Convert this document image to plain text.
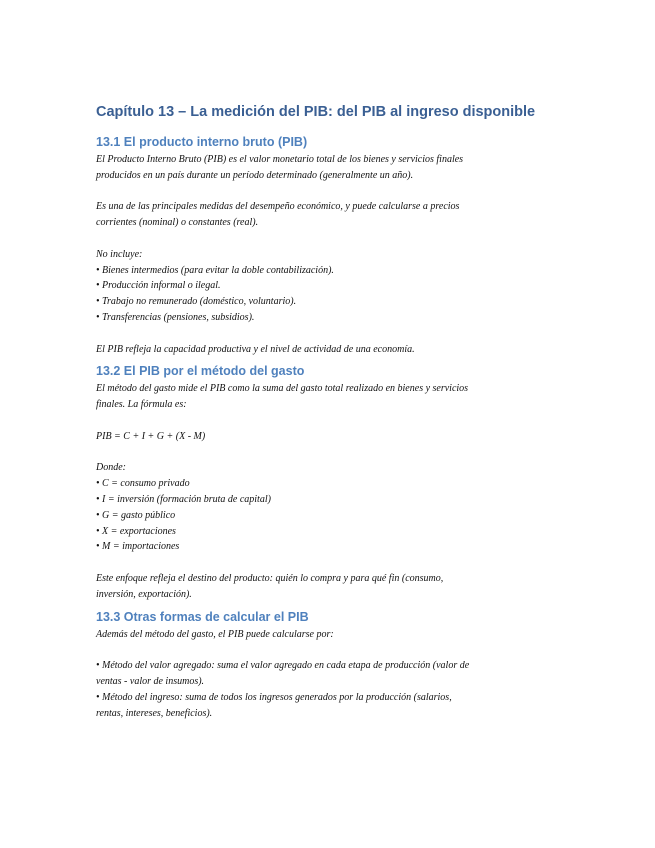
Capítulo 13 – La medición del PIB: del PIB al ingreso disponible
13.1 El producto interno bruto (PIB)

El Producto Interno Bruto (PIB) es el valor monetario total de los bienes y servicios finales

producidos en un país durante un período determinado (generalmente un año).

Es una de las principales medidas del desempeño económico, y puede calcularse a precios

corrientes (nominal) o constantes (real).

No incluye:

• Bienes intermedios (para evitar la doble contabilización).

• Producción informal o ilegal.

• Trabajo no remunerado (doméstico, voluntario).

• Transferencias (pensiones, subsidios).

El PIB refleja la capacidad productiva y el nivel de actividad de una economía.

13.2 El PIB por el método del gasto

El método del gasto mide el PIB como la suma del gasto total realizado en bienes y servicios

finales. La fórmula es:

PIB = C + I + G + (X - M)

Donde:

• C = consumo privado

• I = inversión (formación bruta de capital)

• G = gasto público

• X = exportaciones

• M = importaciones

Este enfoque refleja el destino del producto: quién lo compra y para qué fin (consumo,

inversión, exportación).

13.3 Otras formas de calcular el PIB

Además del método del gasto, el PIB puede calcularse por:

• Método del valor agregado: suma el valor agregado en cada etapa de producción (valor de

ventas - valor de insumos).

• Método del ingreso: suma de todos los ingresos generados por la producción (salarios,

rentas, intereses, beneficios).
